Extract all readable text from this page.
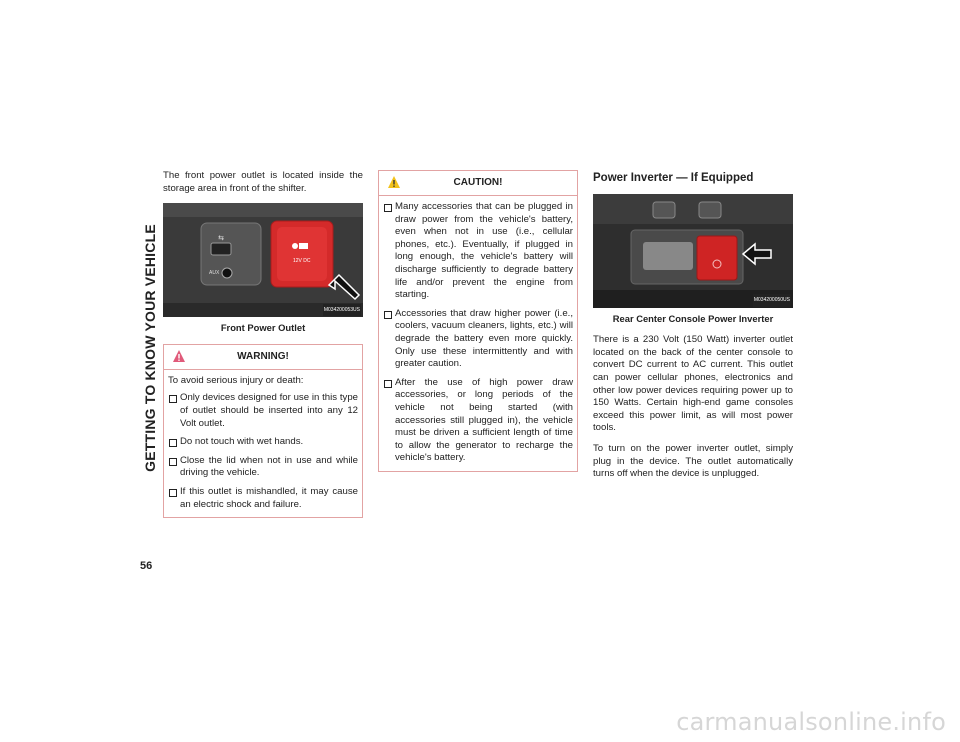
GETTING TO KNOW YOUR VEHICLE
56

The front power outlet is located inside the storage area in front of the shifter.

⇆
AUX
12V DC
M034200053US
Front Power Outlet
WARNING!

To avoid serious injury or death:

Only devices designed for use in this type of outlet should be inserted into any 12 Volt outlet.
Do not touch with wet hands.
Close the lid when not in use and while driving the vehicle.
If this outlet is mishandled, it may cause an electric shock and failure.
CAUTION!
Many accessories that can be plugged in draw power from the vehicle's battery, even when not in use (i.e., cellular phones, etc.). Eventually, if plugged in long enough, the vehicle's battery will discharge sufficiently to degrade battery life and/or prevent the engine from starting.
Accessories that draw higher power (i.e., coolers, vacuum cleaners, lights, etc.) will degrade the battery even more quickly. Only use these intermittently and with greater caution.
After the use of high power draw accessories, or long periods of the vehicle not being started (with accessories still plugged in), the vehicle must be driven a sufficient length of time to allow the generator to recharge the vehicle's battery.
Power Inverter — If Equipped
M034200050US
Rear Center Console Power Inverter

There is a 230 Volt (150 Watt) inverter outlet located on the back of the center console to convert DC current to AC current. This outlet can power cellular phones, electronics and other low power devices requiring power up to 150 Watts. Certain high-end game consoles exceed this power limit, as will most power tools.

To turn on the power inverter outlet, simply plug in the device. The outlet automatically turns off when the device is unplugged.

carmanualsonline.info
